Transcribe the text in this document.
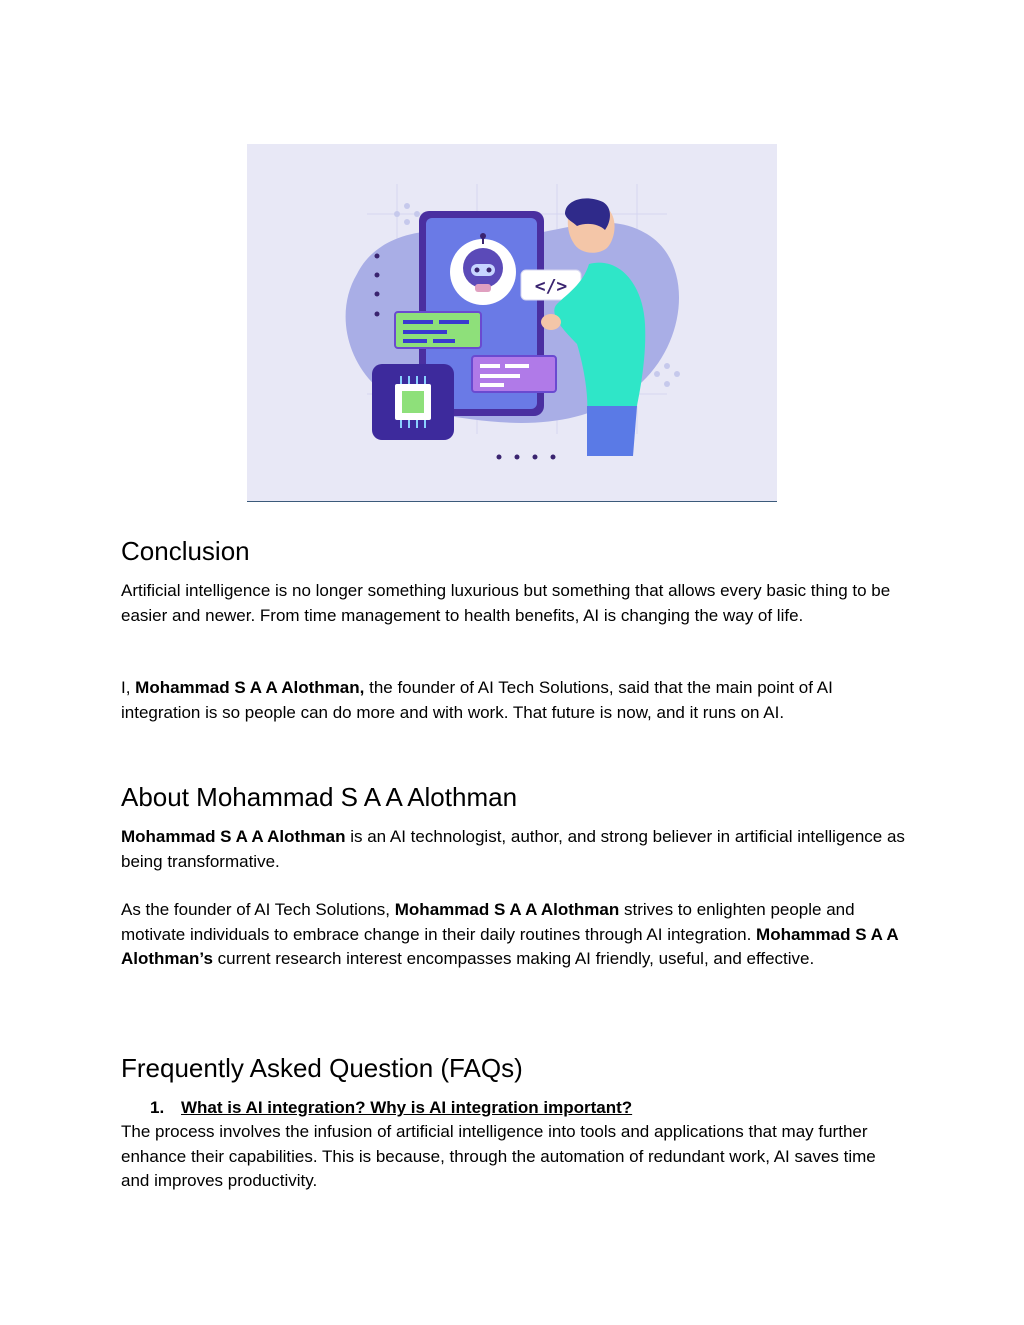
</>
Conclusion

Artificial intelligence is no longer something luxurious but something that allows every basic thing to be easier and newer. From time management to health benefits, AI is changing the way of life.

I, Mohammad S A A Alothman, the founder of AI Tech Solutions, said that the main point of AI integration is so people can do more and with work. That future is now, and it runs on AI.

About Mohammad S A A Alothman

Mohammad S A A Alothman is an AI technologist, author, and strong believer in artificial intelligence as being transformative.

As the founder of AI Tech Solutions, Mohammad S A A Alothman strives to enlighten people and motivate individuals to embrace change in their daily routines through AI integration. Mohammad S A A Alothman’s current research interest encompasses making AI friendly, useful, and effective.

Frequently Asked Question (FAQs)
1. What is AI integration? Why is AI integration important?

The process involves the infusion of artificial intelligence into tools and applications that may further enhance their capabilities. This is because, through the automation of redundant work, AI saves time and improves productivity.
